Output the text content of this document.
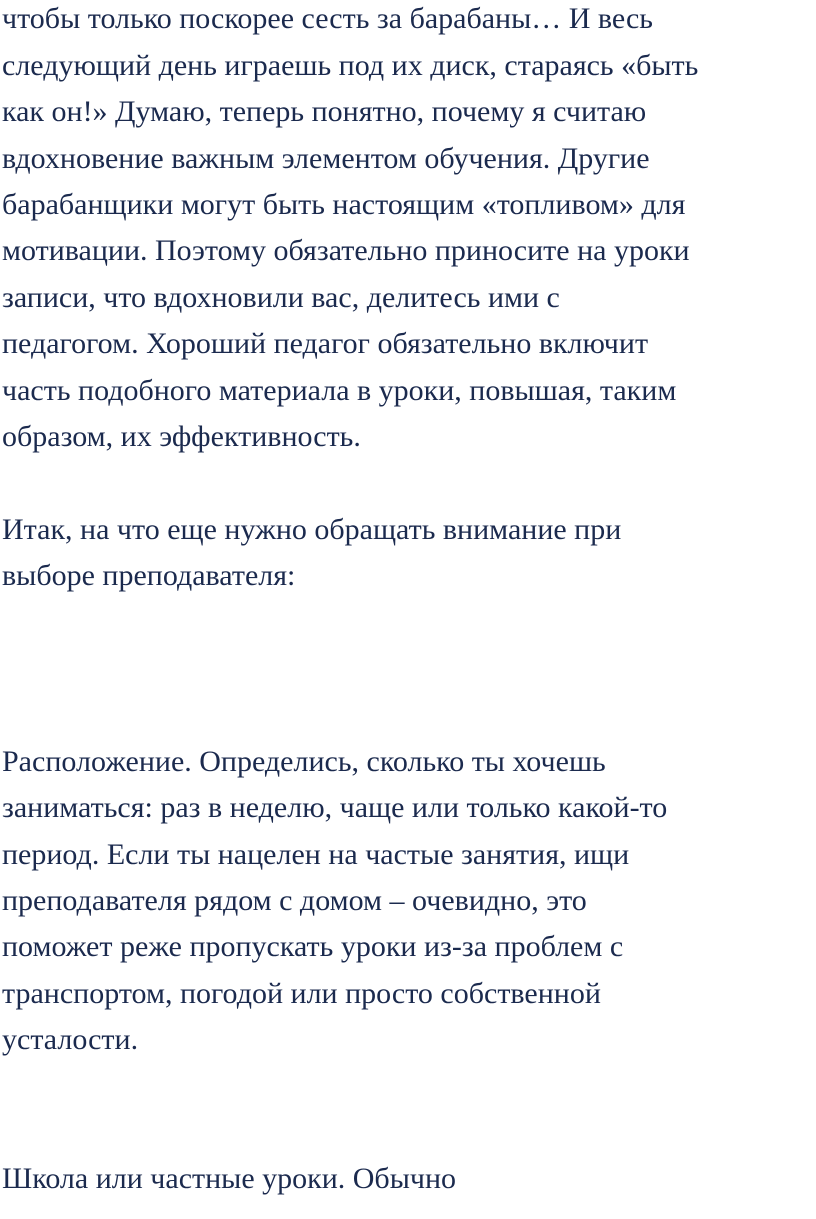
чтобы только поскорее сесть за барабаны… И весь
следующий день играешь под их диск, стараясь «быть
как он!» Думаю, теперь понятно, почему я считаю
вдохновение важным элементом обучения. Другие
барабанщики могут быть настоящим «топливом» для
мотивации. Поэтому обязательно приносите на уроки
записи, что вдохновили вас, делитесь ими с
педагогом. Хороший педагог обязательно включит
часть подобного материала в уроки, повышая, таким
образом, их эффективность.
Итак, на что еще нужно обращать внимание при
выборе преподавателя:
Расположение. Определись, сколько ты хочешь
заниматься: раз в неделю, чаще или только какой-то
период. Если ты нацелен на частые занятия, ищи
преподавателя рядом с домом – очевидно, это
поможет реже пропускать уроки из-за проблем с
транспортом, погодой или просто собственной
усталости.
Школа или частные уроки. Обычно
